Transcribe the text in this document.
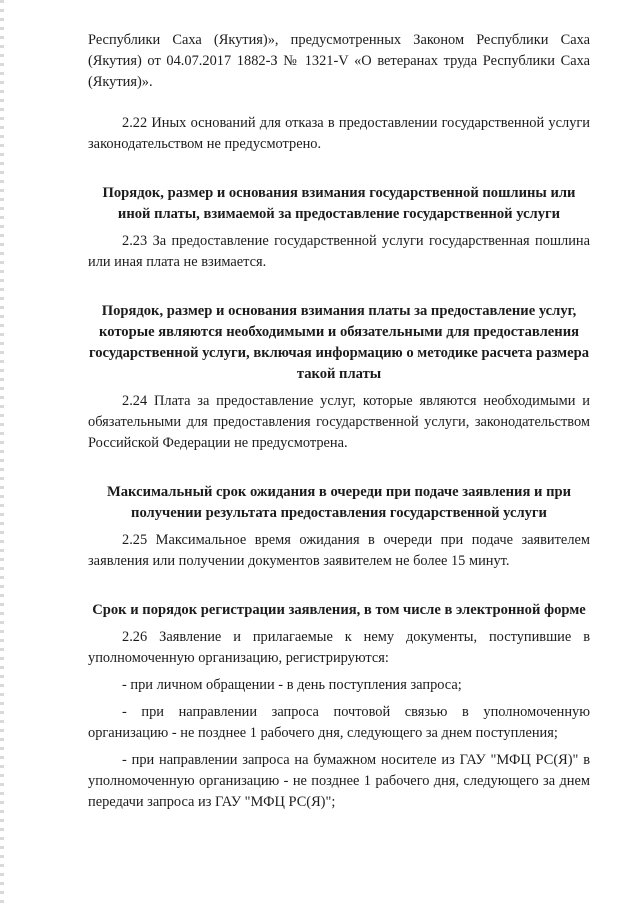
Республики Саха (Якутия)», предусмотренных Законом Республики Саха (Якутия) от 04.07.2017 1882-З № 1321-V «О ветеранах труда Республики Саха (Якутия)».

2.22 Иных оснований для отказа в предоставлении государственной услуги законодательством не предусмотрено.

Порядок, размер и основания взимания государственной пошлины или иной платы, взимаемой за предоставление государственной услуги

2.23 За предоставление государственной услуги государственная пошлина или иная плата не взимается.

Порядок, размер и основания взимания платы за предоставление услуг, которые являются необходимыми и обязательными для предоставления государственной услуги, включая информацию о методике расчета размера такой платы

2.24 Плата за предоставление услуг, которые являются необходимыми и обязательными для предоставления государственной услуги, законодательством Российской Федерации не предусмотрена.

Максимальный срок ожидания в очереди при подаче заявления и при получении результата предоставления государственной услуги

2.25 Максимальное время ожидания в очереди при подаче заявителем заявления или получении документов заявителем не более 15 минут.

Срок и порядок регистрации заявления, в том числе в электронной форме

2.26 Заявление и прилагаемые к нему документы, поступившие в уполномоченную организацию, регистрируются:

- при личном обращении - в день поступления запроса;

- при направлении запроса почтовой связью в уполномоченную организацию - не позднее 1 рабочего дня, следующего за днем поступления;

- при направлении запроса на бумажном носителе из ГАУ "МФЦ РС(Я)" в уполномоченную организацию - не позднее 1 рабочего дня, следующего за днем передачи запроса из ГАУ "МФЦ РС(Я)";
